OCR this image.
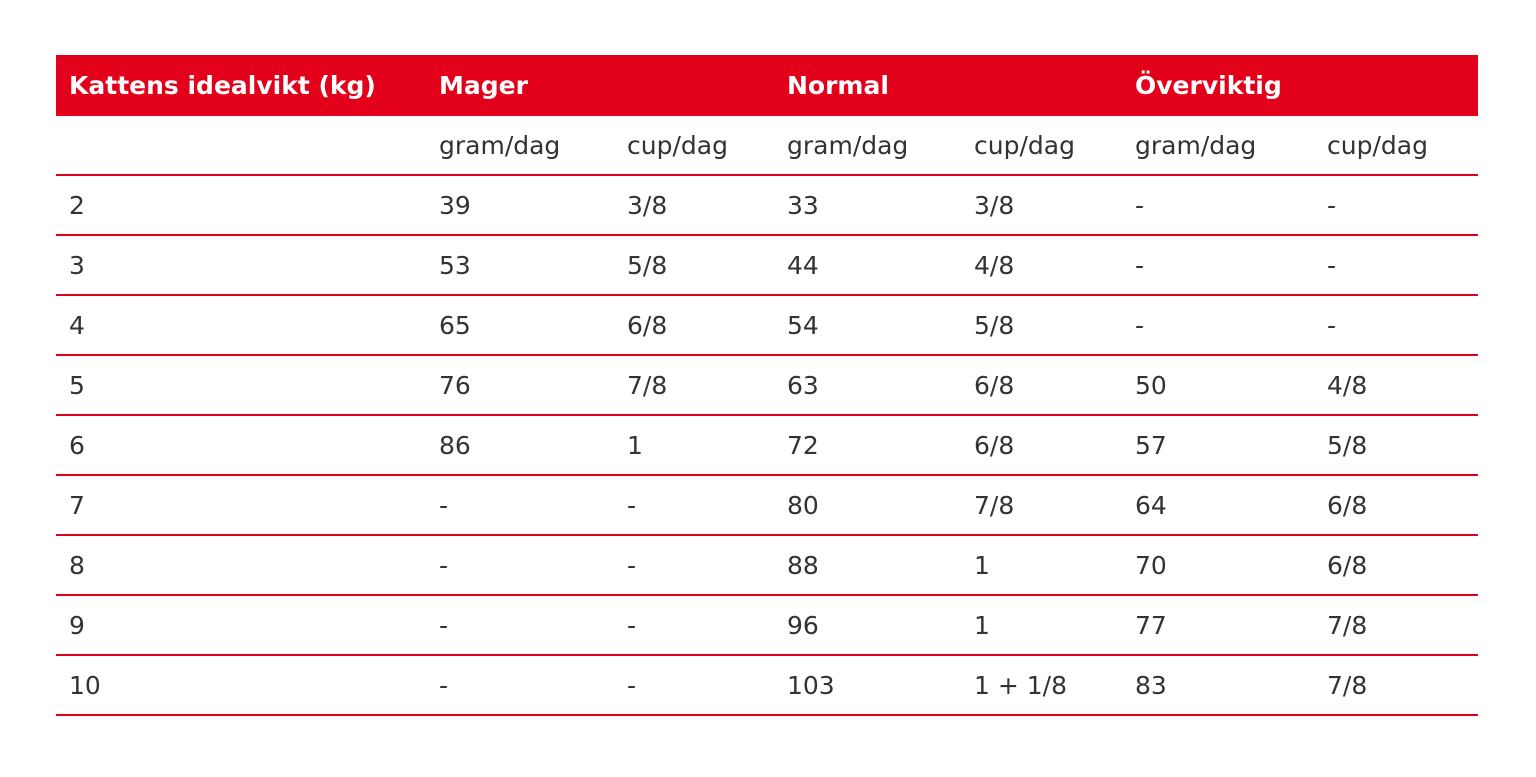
Kattens idealvikt (kg)	Mager	Normal	Överviktig
gram/dag	cup/dag	gram/dag	cup/dag	gram/dag	cup/dag
2	39	3/8	33	3/8	-	-
3	53	5/8	44	4/8	-	-
4	65	6/8	54	5/8	-	-
5	76	7/8	63	6/8	50	4/8
6	86	1	72	6/8	57	5/8
7	-	-	80	7/8	64	6/8
8	-	-	88	1	70	6/8
9	-	-	96	1	77	7/8
10	-	-	103	1 + 1/8	83	7/8
